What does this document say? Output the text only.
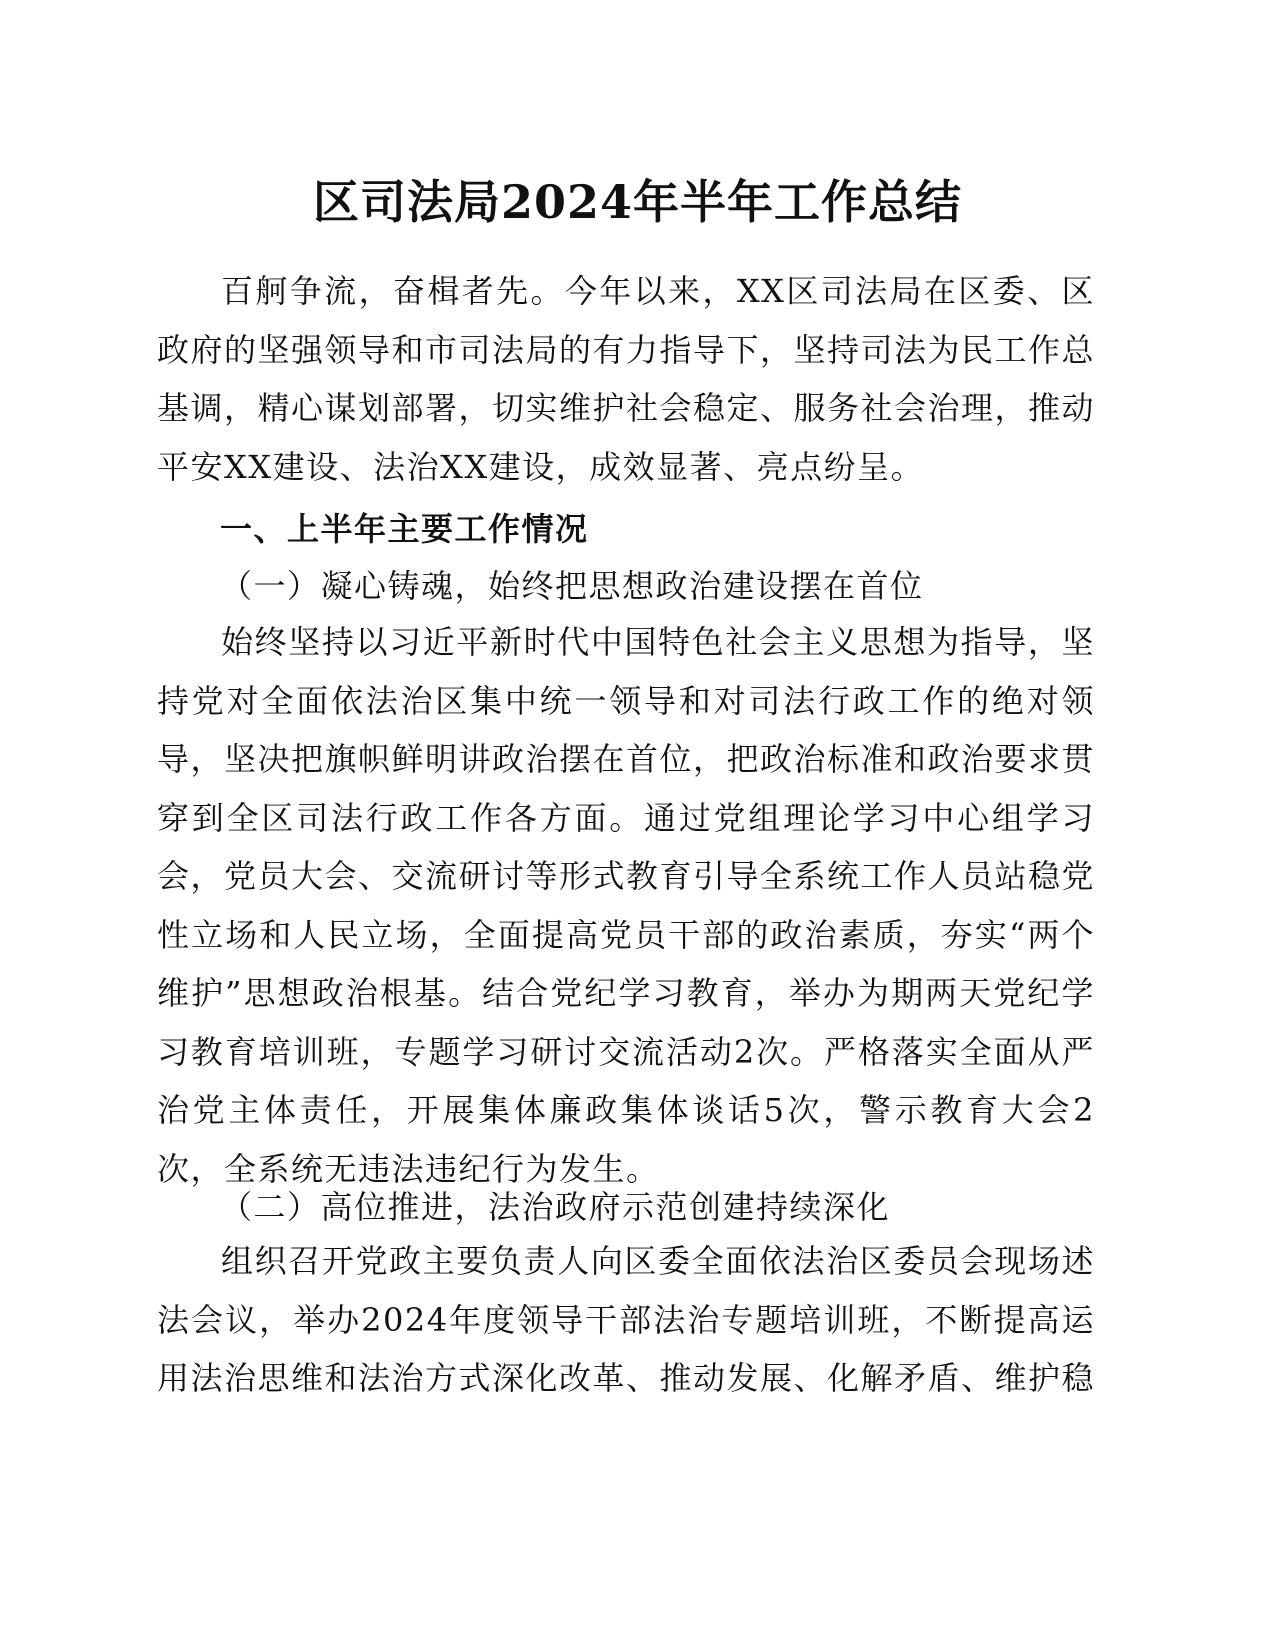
区司法局2024年半年工作总结
百舸争流，奋楫者先。今年以来，XX区司法局在区委、区政府的坚强领导和市司法局的有力指导下，坚持司法为民工作总基调，精心谋划部署，切实维护社会稳定、服务社会治理，推动平安XX建设、法治XX建设，成效显著、亮点纷呈。
一、上半年主要工作情况
（一）凝心铸魂，始终把思想政治建设摆在首位
始终坚持以习近平新时代中国特色社会主义思想为指导，坚持党对全面依法治区集中统一领导和对司法行政工作的绝对领导，坚决把旗帜鲜明讲政治摆在首位，把政治标准和政治要求贯穿到全区司法行政工作各方面。通过党组理论学习中心组学习会，党员大会、交流研讨等形式教育引导全系统工作人员站稳党性立场和人民立场，全面提高党员干部的政治素质，夯实“两个维护”思想政治根基。结合党纪学习教育，举办为期两天党纪学习教育培训班，专题学习研讨交流活动2次。严格落实全面从严治党主体责任，开展集体廉政集体谈话5次，警示教育大会2次，全系统无违法违纪行为发生。
（二）高位推进，法治政府示范创建持续深化
组织召开党政主要负责人向区委全面依法治区委员会现场述法会议，举办2024年度领导干部法治专题培训班，不断提高运用法治思维和法治方式深化改革、推动发展、化解矛盾、维护稳
